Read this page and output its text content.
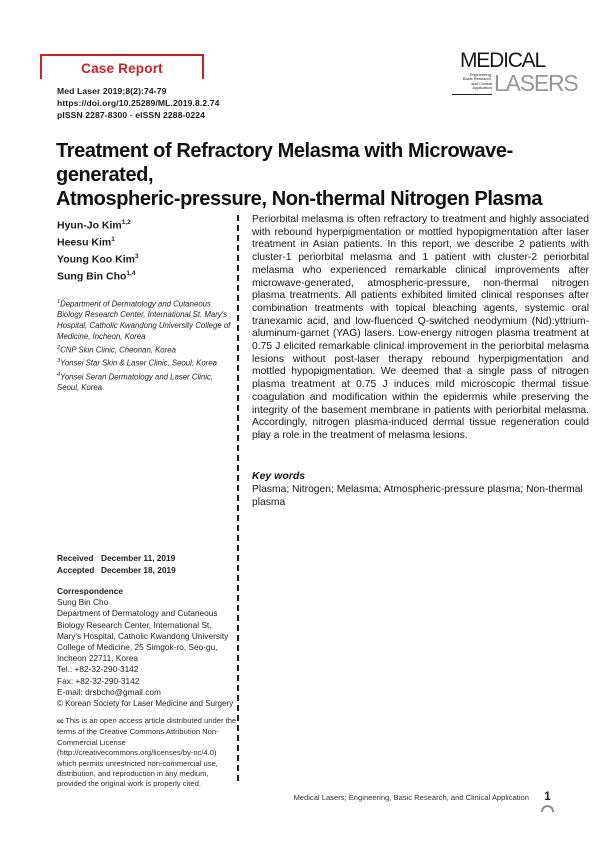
Case Report
Med Laser 2019;8(2):74-79
https://doi.org/10.25289/ML.2019.8.2.74
pISSN 2287-8300 · eISSN 2288-0224
MEDICAL
Engineering,
Basic Research,
and Clinical Application LASERS
Treatment of Refractory Melasma with Microwave-generated,
Atmospheric-pressure, Non-thermal Nitrogen Plasma
Hyun-Jo Kim$^{1,2}$
Heesu Kim$^1$
Young Koo Kim$^3$
Sung Bin Cho$^{1,4}$
$^1$Department of Dermatology and Cutaneous Biology Research Center, International St. Mary's Hospital, Catholic Kwandong University College of Medicine, Incheon, Korea
$^2$CNP Skin Clinic, Cheonan, Korea
$^3$Yonsei Star Skin & Laser Clinic, Seoul, Korea
$^4$Yonsei Seran Dermatology and Laser Clinic, Seoul, Korea
Received December 11, 2019
Accepted December 18, 2019
Correspondence
Sung Bin Cho
Department of Dermatology and Cutaneous Biology Research Center, International St. Mary's Hospital, Catholic Kwandong University College of Medicine, 25 Simgok-ro, Seo-gu, Incheon 22711, Korea
Tel.: +82-32-290-3142
Fax: +82-32-290-3142
E-mail: drsbcho@gmail.com
© Korean Society for Laser Medicine and Surgery
cc This is an open access article distributed under the terms of the Creative Commons Attribution Non-Commercial License (http://creativecommons.org/licenses/by-nc/4.0) which permits unrestricted non-commercial use, distribution, and reproduction in any medium, provided the original work is properly cited.
Periorbital melasma is often refractory to treatment and highly associated with rebound hyperpigmentation or mottled hypopigmentation after laser treatment in Asian patients. In this report, we describe 2 patients with cluster-1 periorbital melasma and 1 patient with cluster-2 periorbital melasma who experienced remarkable clinical improvements after microwave-generated, atmospheric-pressure, non-thermal nitrogen plasma treatments. All patients exhibited limited clinical responses after combination treatments with topical bleaching agents, systemic oral tranexamic acid, and low-fluenced Q-switched neodymium (Nd):yttrium-aluminum-garnet (YAG) lasers. Low-energy nitrogen plasma treatment at 0.75 J elicited remarkable clinical improvement in the periorbital melasma lesions without post-laser therapy rebound hyperpigmentation and mottled hypopigmentation. We deemed that a single pass of nitrogen plasma treatment at 0.75 J induces mild microscopic thermal tissue coagulation and modification within the epidermis while preserving the integrity of the basement membrane in patients with periorbital melasma. Accordingly, nitrogen plasma-induced dermal tissue regeneration could play a role in the treatment of melasma lesions.
Key words
Plasma; Nitrogen; Melasma; Atmospheric-pressure plasma; Non-thermal plasma
Medical Lasers; Engineering, Basic Research, and Clinical Application 1
